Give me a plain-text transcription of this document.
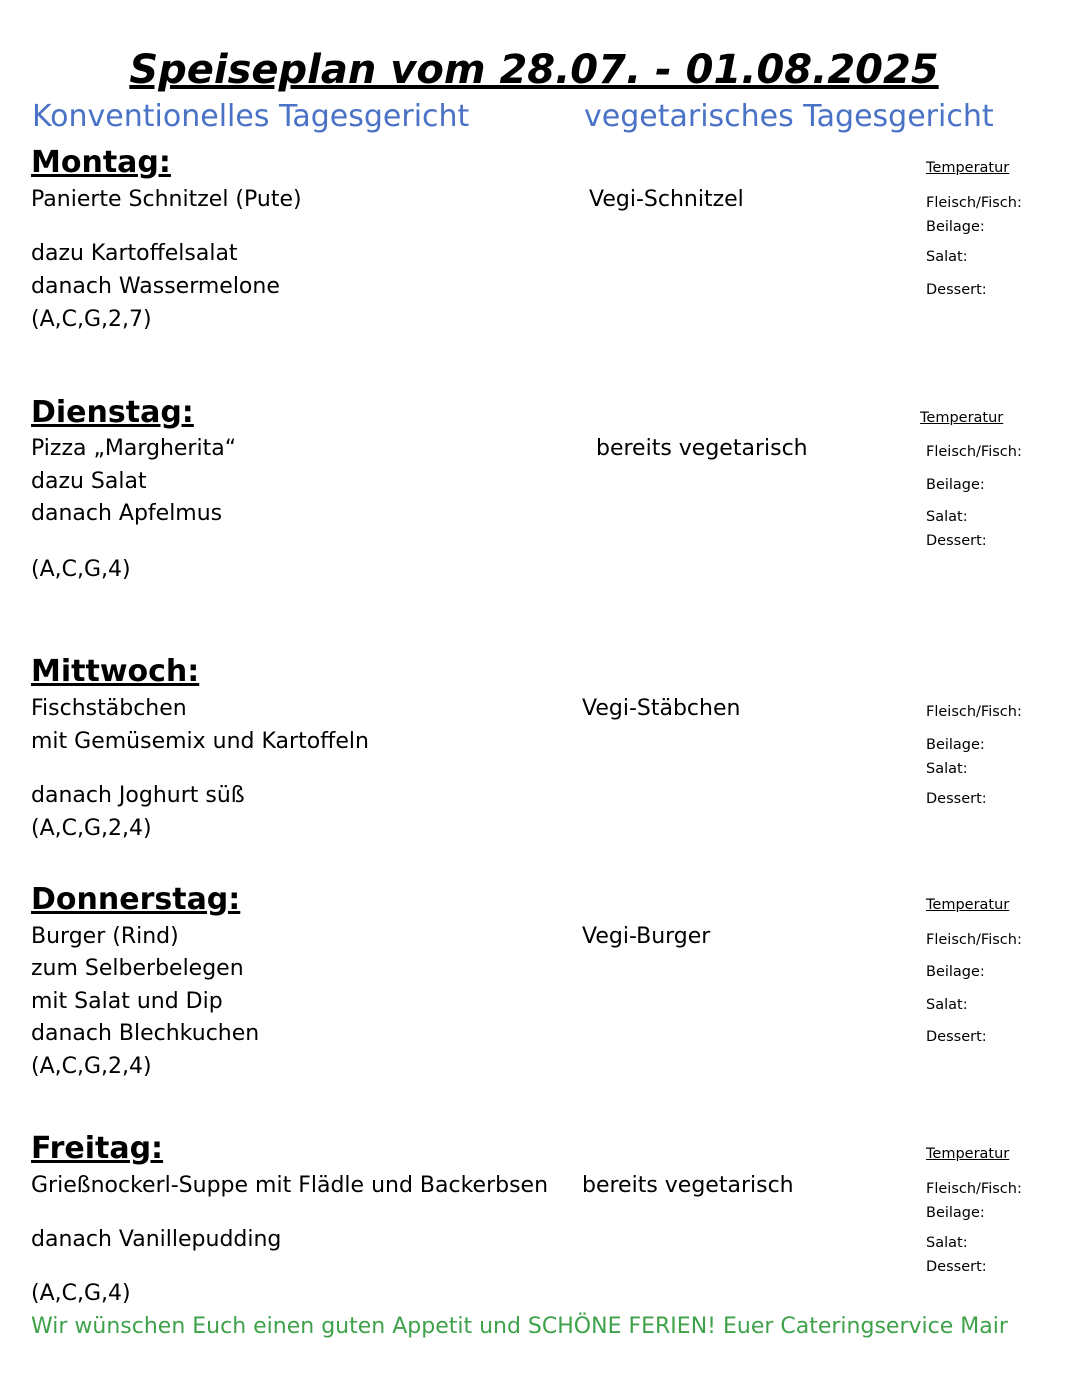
Speiseplan vom 28.07. - 01.08.2025
Konventionelles Tagesgericht	vegetarisches Tagesgericht
Montag:	Temperatur
Panierte Schnitzel (Pute)	Vegi-Schnitzel	Fleisch/Fisch:
Beilage:
dazu Kartoffelsalat	Salat:
danach Wassermelone	Dessert:
(A,C,G,2,7)
Dienstag:	Temperatur
Pizza „Margherita“	bereits vegetarisch	Fleisch/Fisch:
dazu Salat	Beilage:
danach Apfelmus	Salat:
Dessert:
(A,C,G,4)
Mittwoch:
Fischstäbchen	Vegi-Stäbchen	Fleisch/Fisch:
mit Gemüsemix und Kartoffeln	Beilage:
Salat:
danach Joghurt süß	Dessert:
(A,C,G,2,4)
Donnerstag:	Temperatur
Burger (Rind)	Vegi-Burger	Fleisch/Fisch:
zum Selberbelegen	Beilage:
mit Salat und Dip	Salat:
danach Blechkuchen	Dessert:
(A,C,G,2,4)
Freitag:	Temperatur
Grießnockerl-Suppe mit Flädle und Backerbsen bereits vegetarisch	Fleisch/Fisch:
Beilage:
danach Vanillepudding	Salat:
Dessert:
(A,C,G,4)
Wir wünschen Euch einen guten Appetit und SCHÖNE FERIEN! Euer Cateringservice Mair
